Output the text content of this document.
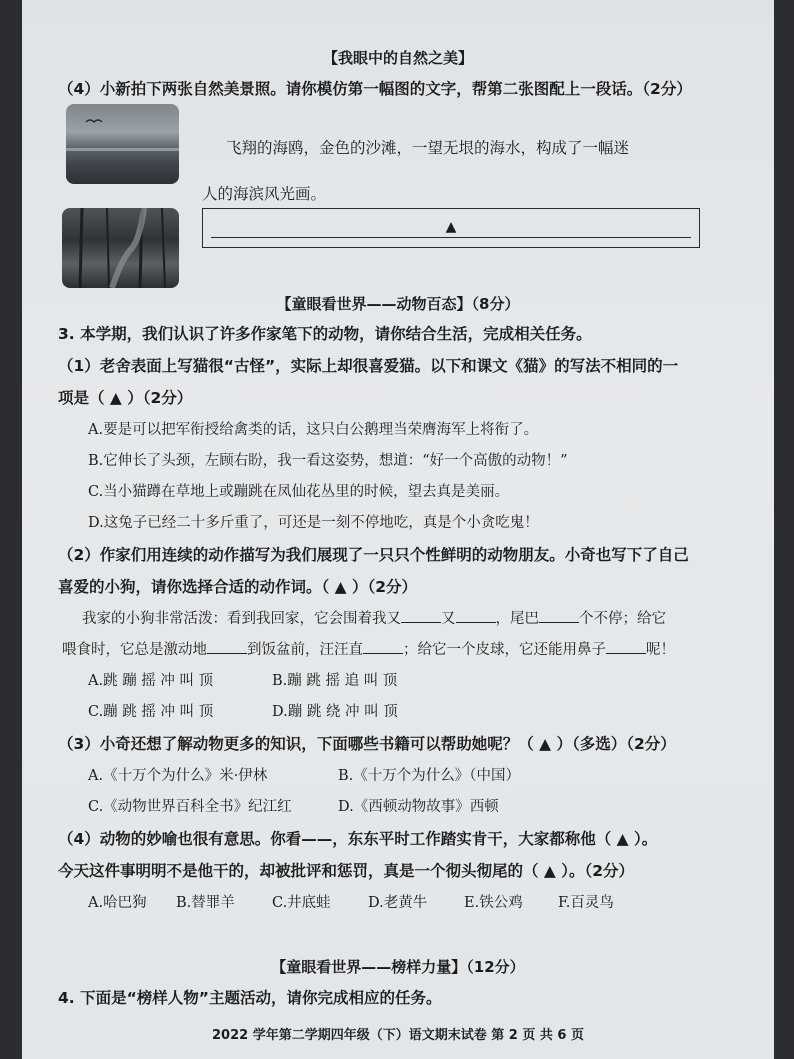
【我眼中的自然之美】
（4）小新拍下两张自然美景照。请你模仿第一幅图的文字，帮第二张图配上一段话。（2分）
飞翔的海鸥，金色的沙滩，一望无垠的海水，构成了一幅迷
人的海滨风光画。
▲
【童眼看世界——动物百态】（8分）
3. 本学期，我们认识了许多作家笔下的动物，请你结合生活，完成相关任务。
（1）老舍表面上写猫很“古怪”，实际上却很喜爱猫。以下和课文《猫》的写法不相同的一
项是（ ▲ ）（2分）
A.要是可以把军衔授给禽类的话，这只白公鹅理当荣膺海军上将衔了。
B.它伸长了头颈，左顾右盼，我一看这姿势，想道：“好一个高傲的动物！”
C.当小猫蹲在草地上或蹦跳在凤仙花丛里的时候，望去真是美丽。
D.这兔子已经二十多斤重了，可还是一刻不停地吃，真是个小贪吃鬼！
（2）作家们用连续的动作描写为我们展现了一只只个性鲜明的动物朋友。小奇也写下了自己
喜爱的小狗，请你选择合适的动作词。（ ▲ ）（2分）
我家的小狗非常活泼：看到我回家，它会围着我又	又	，尾巴	个不停；给它
喂食时，它总是激动地	到饭盆前，汪汪直	；给它一个皮球，它还能用鼻子	呢！
A.跳 蹦 摇 冲 叫 顶	B.蹦 跳 摇 追 叫 顶
C.蹦 跳 摇 冲 叫 顶	D.蹦 跳 绕 冲 叫 顶
（3）小奇还想了解动物更多的知识，下面哪些书籍可以帮助她呢？（ ▲ ）（多选）（2分）
A.《十万个为什么》米·伊林	B.《十万个为什么》（中国）
C.《动物世界百科全书》纪江红	D.《西顿动物故事》西顿
（4）动物的妙喻也很有意思。你看——，东东平时工作踏实肯干，大家都称他（ ▲ ）。
今天这件事明明不是他干的，却被批评和惩罚，真是一个彻头彻尾的（ ▲ ）。（2分）
A.哈巴狗 B.替罪羊	C.井底蛙	D.老黄牛	E.铁公鸡 F.百灵鸟
【童眼看世界——榜样力量】（12分）
4. 下面是“榜样人物”主题活动，请你完成相应的任务。
2022 学年第二学期四年级（下）语文期末试卷 第 2 页 共 6 页
